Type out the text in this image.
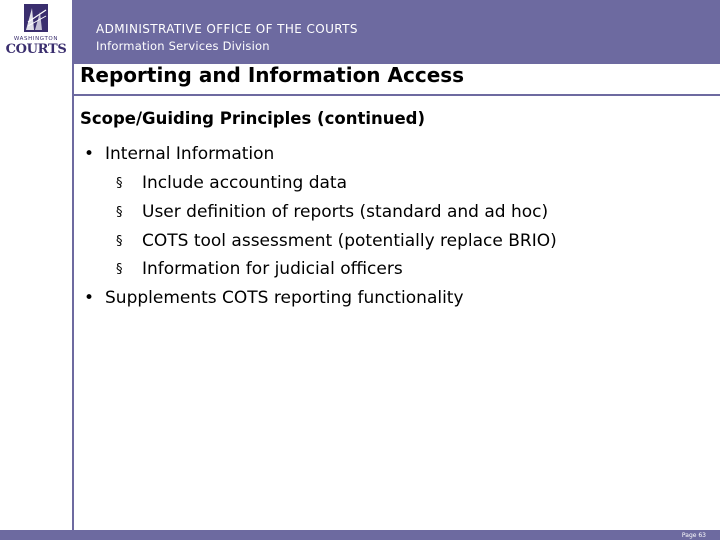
WASHINGTON
COURTS
ADMINISTRATIVE OFFICE OF THE COURTS
Information Services Division
Reporting and Information Access
Scope/Guiding Principles (continued)
• Internal Information
§	Include accounting data
§	User definition of reports (standard and ad hoc)
§	COTS tool assessment (potentially replace BRIO)
§	Information for judicial officers
• Supplements COTS reporting functionality
Page 63
